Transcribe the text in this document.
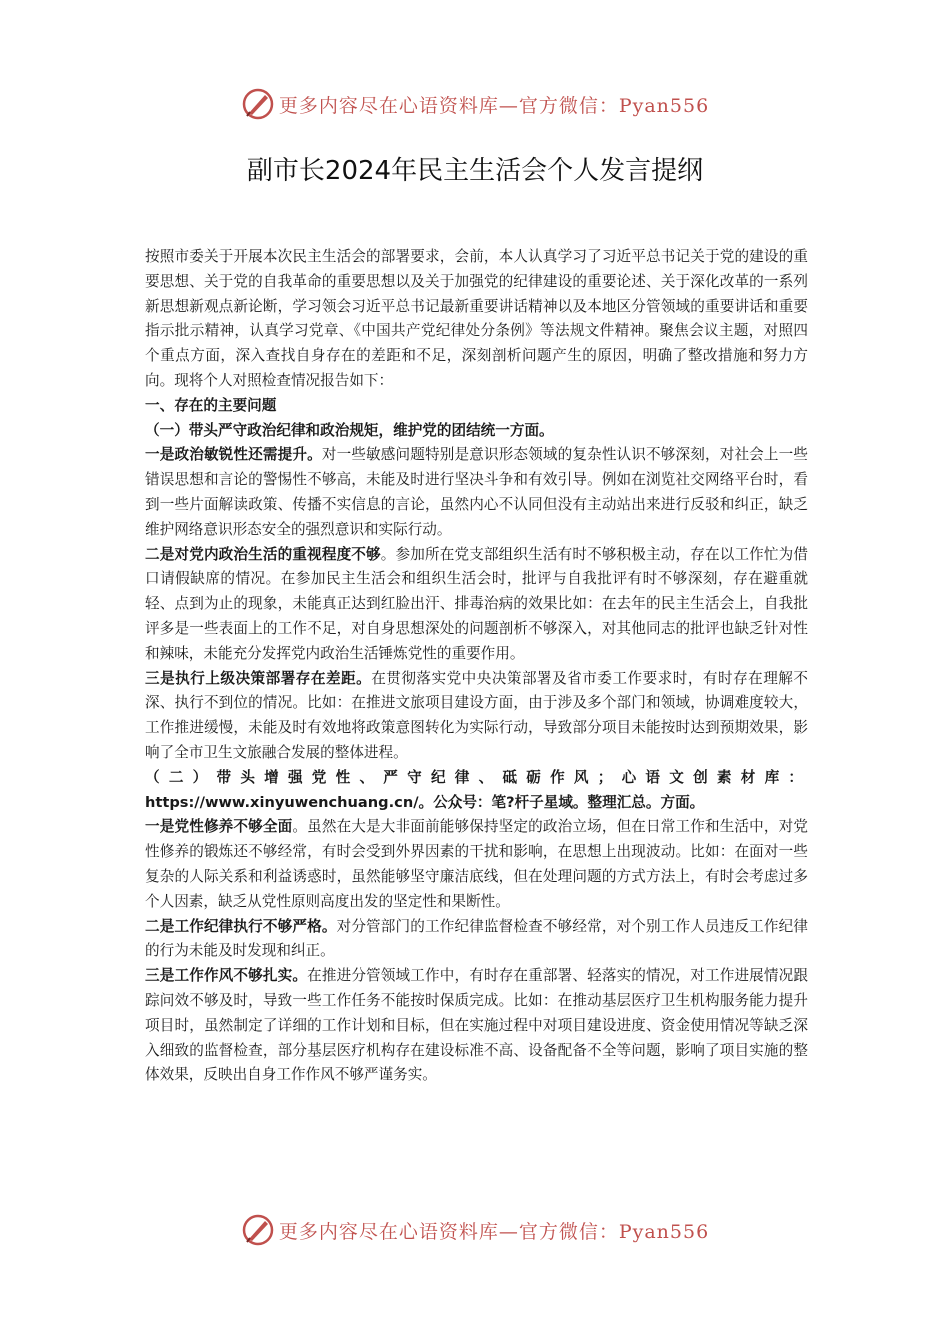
更多内容尽在心语资料库—官方微信：Pyan556
副市长2024年民主生活会个人发言提纲

按照市委关于开展本次民主生活会的部署要求，会前，本人认真学习了习近平总书记关于党的建设的重要思想、关于党的自我革命的重要思想以及关于加强党的纪律建设的重要论述、关于深化改革的一系列新思想新观点新论断，学习领会习近平总书记最新重要讲话精神以及本地区分管领域的重要讲话和重要指示批示精神，认真学习党章、《中国共产党纪律处分条例》等法规文件精神。聚焦会议主题，对照四个重点方面，深入查找自身存在的差距和不足，深刻剖析问题产生的原因，明确了整改措施和努力方向。现将个人对照检查情况报告如下：

一、存在的主要问题

（一）带头严守政治纪律和政治规矩，维护党的团结统一方面。

一是政治敏锐性还需提升。对一些敏感问题特别是意识形态领域的复杂性认识不够深刻，对社会上一些错误思想和言论的警惕性不够高，未能及时进行坚决斗争和有效引导。例如在浏览社交网络平台时，看到一些片面解读政策、传播不实信息的言论，虽然内心不认同但没有主动站出来进行反驳和纠正，缺乏维护网络意识形态安全的强烈意识和实际行动。

二是对党内政治生活的重视程度不够。参加所在党支部组织生活有时不够积极主动，存在以工作忙为借口请假缺席的情况。在参加民主生活会和组织生活会时，批评与自我批评有时不够深刻，存在避重就轻、点到为止的现象，未能真正达到红脸出汗、排毒治病的效果比如：在去年的民主生活会上，自我批评多是一些表面上的工作不足，对自身思想深处的问题剖析不够深入，对其他同志的批评也缺乏针对性和辣味，未能充分发挥党内政治生活锤炼党性的重要作用。

三是执行上级决策部署存在差距。在贯彻落实党中央决策部署及省市委工作要求时，有时存在理解不深、执行不到位的情况。比如：在推进文旅项目建设方面，由于涉及多个部门和领域，协调难度较大，工作推进缓慢，未能及时有效地将政策意图转化为实际行动，导致部分项目未能按时达到预期效果，影响了全市卫生文旅融合发展的整体进程。

（二）带头增强党性、严守纪律、砥砺作风；心语文创素材库：https://www.xinyuwenchuang.cn/。公众号：笔?杆子星域。整理汇总。方面。

一是党性修养不够全面。虽然在大是大非面前能够保持坚定的政治立场，但在日常工作和生活中，对党性修养的锻炼还不够经常，有时会受到外界因素的干扰和影响，在思想上出现波动。比如：在面对一些复杂的人际关系和利益诱惑时，虽然能够坚守廉洁底线，但在处理问题的方式方法上，有时会考虑过多个人因素，缺乏从党性原则高度出发的坚定性和果断性。

二是工作纪律执行不够严格。对分管部门的工作纪律监督检查不够经常，对个别工作人员违反工作纪律的行为未能及时发现和纠正。

三是工作作风不够扎实。在推进分管领域工作中，有时存在重部署、轻落实的情况，对工作进展情况跟踪问效不够及时，导致一些工作任务不能按时保质完成。比如：在推动基层医疗卫生机构服务能力提升项目时，虽然制定了详细的工作计划和目标，但在实施过程中对项目建设进度、资金使用情况等缺乏深入细致的监督检查，部分基层医疗机构存在建设标准不高、设备配备不全等问题，影响了项目实施的整体效果，反映出自身工作作风不够严谨务实。

更多内容尽在心语资料库—官方微信：Pyan556
